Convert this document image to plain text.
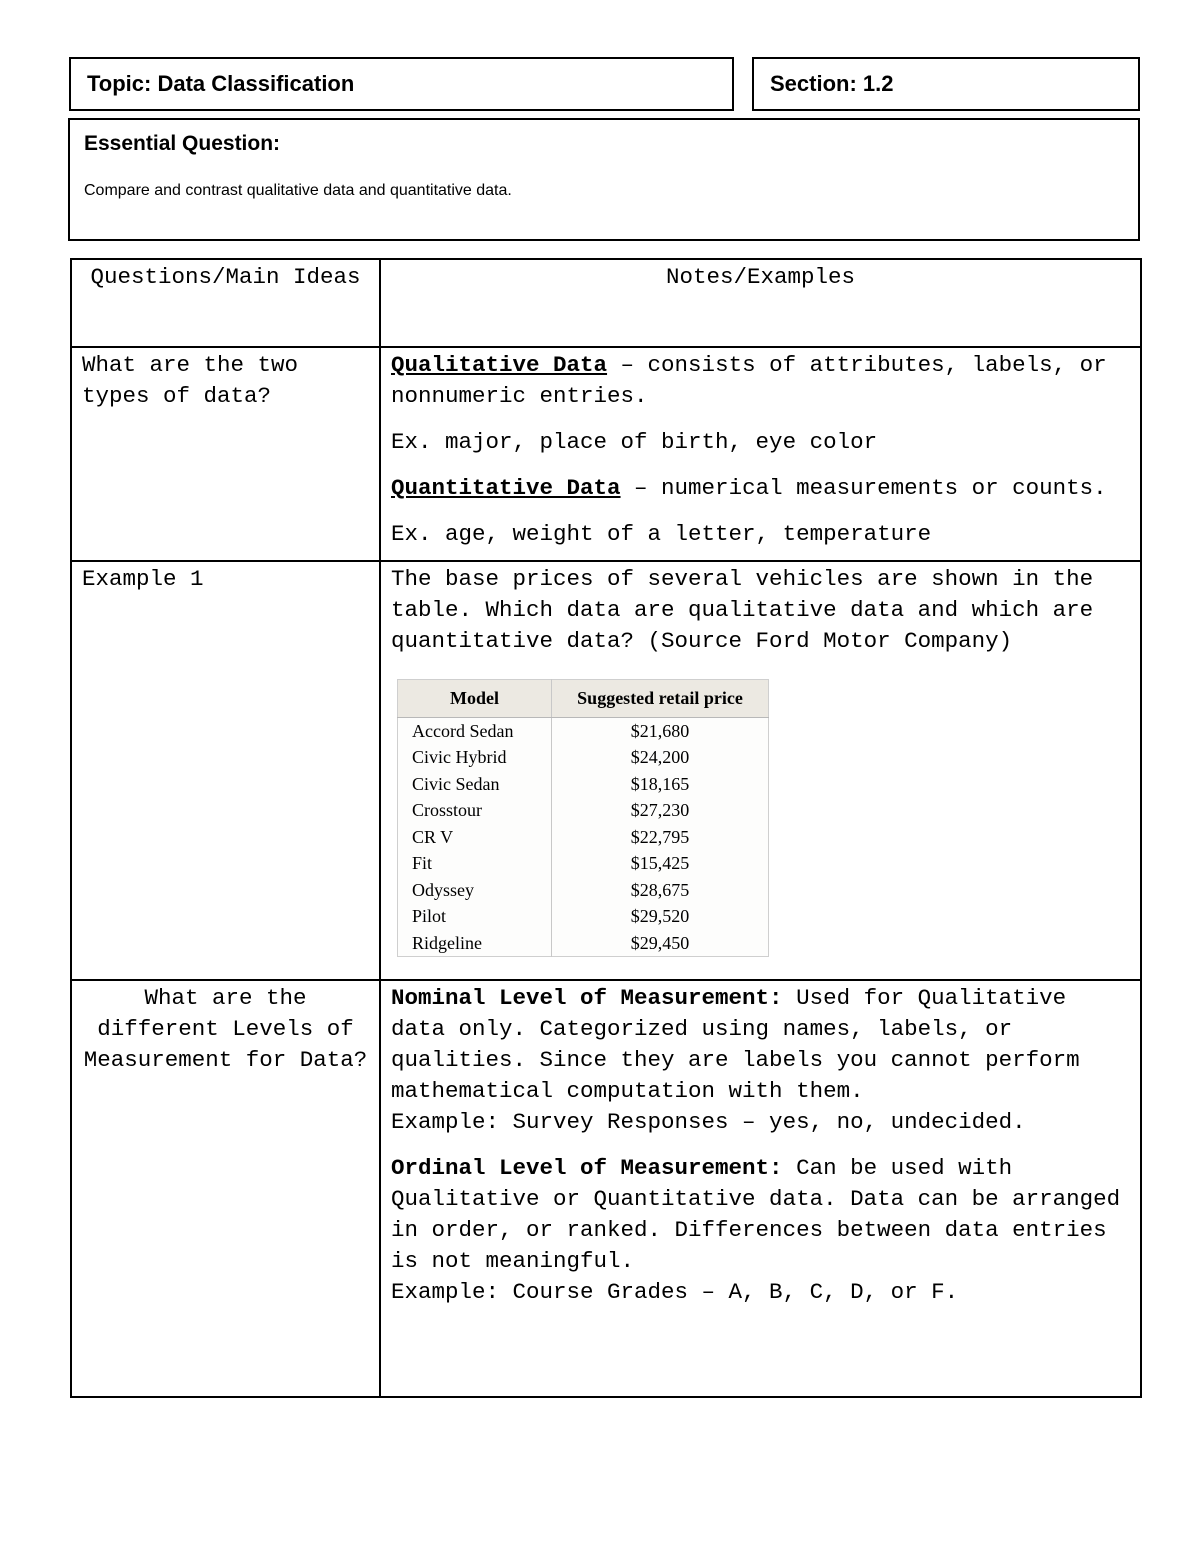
Topic: Data Classification	Section: 1.2
Essential Question:
Compare and contrast qualitative data and quantitative data.
Questions/Main Ideas	Notes/Examples
What are the two types of data?	

Qualitative Data – consists of attributes, labels, or nonnumeric entries.

Ex. major, place of birth, eye color

Quantitative Data – numerical measurements or counts.

Ex. age, weight of a letter, temperature

Example 1	The base prices of several vehicles are shown in the table. Which data are qualitative data and which are quantitative data? (Source Ford Motor Company)
Model	Suggested retail price
Accord Sedan	$21,680
Civic Hybrid	$24,200
Civic Sedan	$18,165
Crosstour	$27,230
CR V	$22,795
Fit	$15,425
Odyssey	$28,675
Pilot	$29,520
Ridgeline	$29,450

What are the different Levels of Measurement for Data?	

Nominal Level of Measurement: Used for Qualitative data only. Categorized using names, labels, or qualities. Since they are labels you cannot perform mathematical computation with them.
Example: Survey Responses – yes, no, undecided.

Ordinal Level of Measurement: Can be used with Qualitative or Quantitative data. Data can be arranged in order, or ranked. Differences between data entries is not meaningful.
Example: Course Grades – A, B, C, D, or F.
